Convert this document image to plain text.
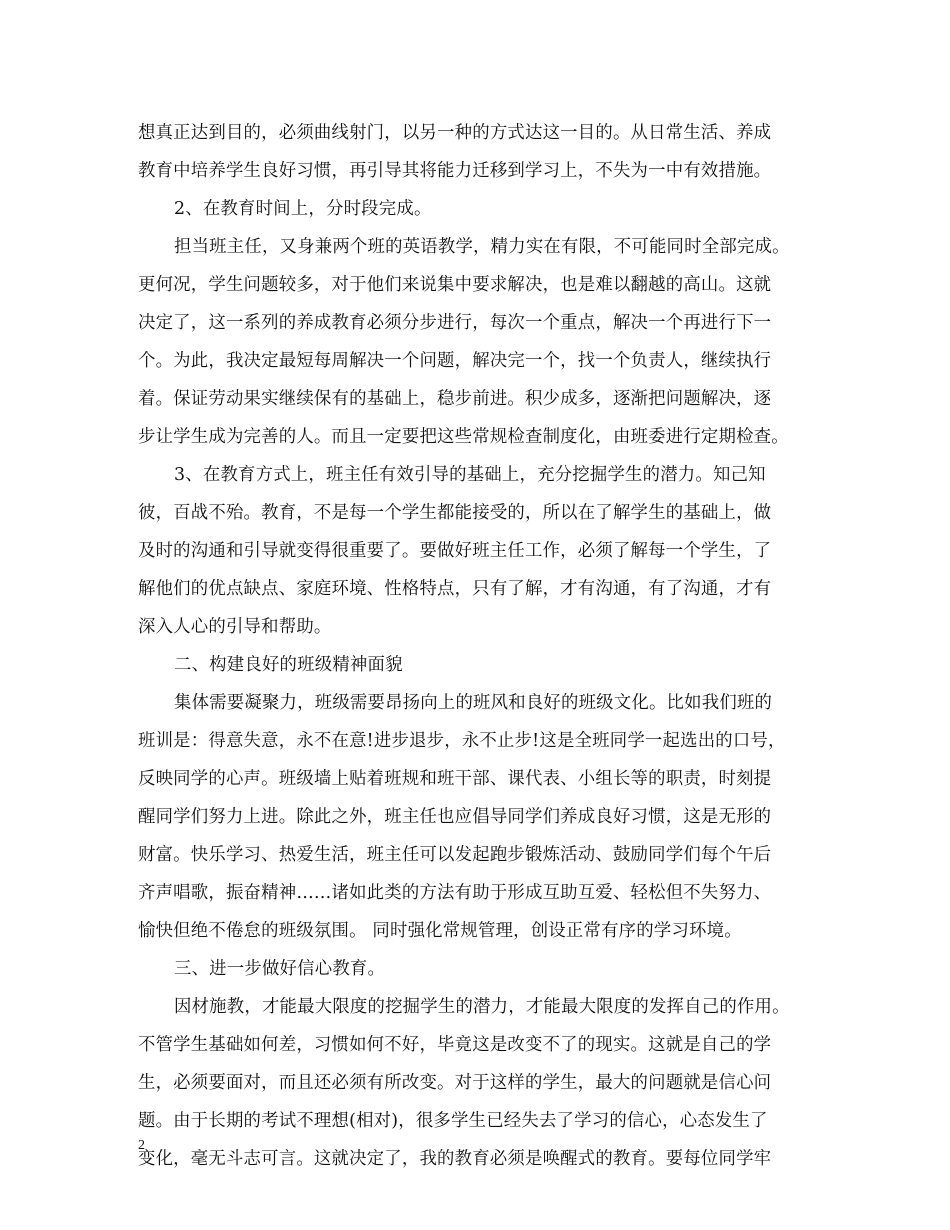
想真正达到目的，必须曲线射门，以另一种的方式达这一目的。从日常生活、养成
教育中培养学生良好习惯，再引导其将能力迁移到学习上，不失为一中有效措施。
2、在教育时间上，分时段完成。
担当班主任，又身兼两个班的英语教学，精力实在有限，不可能同时全部完成。
更何况，学生问题较多，对于他们来说集中要求解决，也是难以翻越的高山。这就
决定了，这一系列的养成教育必须分步进行，每次一个重点，解决一个再进行下一
个。为此，我决定最短每周解决一个问题，解决完一个，找一个负责人，继续执行
着。保证劳动果实继续保有的基础上，稳步前进。积少成多，逐渐把问题解决，逐
步让学生成为完善的人。而且一定要把这些常规检查制度化，由班委进行定期检查。
3、在教育方式上，班主任有效引导的基础上，充分挖掘学生的潜力。知己知
彼，百战不殆。教育，不是每一个学生都能接受的，所以在了解学生的基础上，做
及时的沟通和引导就变得很重要了。要做好班主任工作，必须了解每一个学生，了
解他们的优点缺点、家庭环境、性格特点，只有了解，才有沟通，有了沟通，才有
深入人心的引导和帮助。
二、构建良好的班级精神面貌
集体需要凝聚力，班级需要昂扬向上的班风和良好的班级文化。比如我们班的
班训是：得意失意，永不在意!进步退步，永不止步!这是全班同学一起选出的口号，
反映同学的心声。班级墙上贴着班规和班干部、课代表、小组长等的职责，时刻提
醒同学们努力上进。除此之外，班主任也应倡导同学们养成良好习惯，这是无形的
财富。快乐学习、热爱生活，班主任可以发起跑步锻炼活动、鼓励同学们每个午后
齐声唱歌，振奋精神……诸如此类的方法有助于形成互助互爱、轻松但不失努力、
愉快但绝不倦怠的班级氛围。 同时强化常规管理，创设正常有序的学习环境。
三、进一步做好信心教育。
因材施教，才能最大限度的挖掘学生的潜力，才能最大限度的发挥自己的作用。
不管学生基础如何差，习惯如何不好，毕竟这是改变不了的现实。这就是自己的学
生，必须要面对，而且还必须有所改变。对于这样的学生，最大的问题就是信心问
题。由于长期的考试不理想(相对)，很多学生已经失去了学习的信心，心态发生了
变化，毫无斗志可言。这就决定了，我的教育必须是唤醒式的教育。要每位同学牢
2
